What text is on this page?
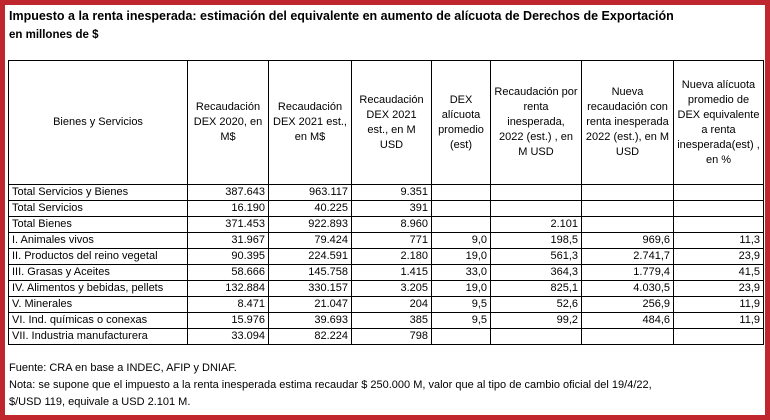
Impuesto a la renta inesperada: estimación del equivalente en aumento de alícuota de Derechos de Exportación
en millones de $
Bienes y Servicios	Recaudación DEX 2020, en M$	Recaudación DEX 2021 est., en M$	Recaudación DEX 2021 est., en M USD	DEX alícuota promedio (est)	Recaudación por renta inesperada, 2022 (est.) , en M USD	Nueva recaudación con renta inesperada 2022 (est.), en M USD	Nueva alícuota promedio de DEX equivalente a renta inesperada(est) , en %
Total Servicios y Bienes	387.643	963.117	9.351				
Total Servicios	16.190	40.225	391				
Total Bienes	371.453	922.893	8.960		2.101		
I. Animales vivos	31.967	79.424	771	9,0	198,5	969,6	11,3
II. Productos del reino vegetal	90.395	224.591	2.180	19,0	561,3	2.741,7	23,9
III. Grasas y Aceites	58.666	145.758	1.415	33,0	364,3	1.779,4	41,5
IV. Alimentos y bebidas, pellets	132.884	330.157	3.205	19,0	825,1	4.030,5	23,9
V. Minerales	8.471	21.047	204	9,5	52,6	256,9	11,9
VI. Ind. químicas o conexas	15.976	39.693	385	9,5	99,2	484,6	11,9
VII. Industria manufacturera	33.094	82.224	798				
Fuente: CRA en base a INDEC, AFIP y DNIAF.
Nota: se supone que el impuesto a la renta inesperada estima recaudar $ 250.000 M, valor que al tipo de cambio oficial del 19/4/22,
$/USD 119, equivale a USD 2.101 M.
